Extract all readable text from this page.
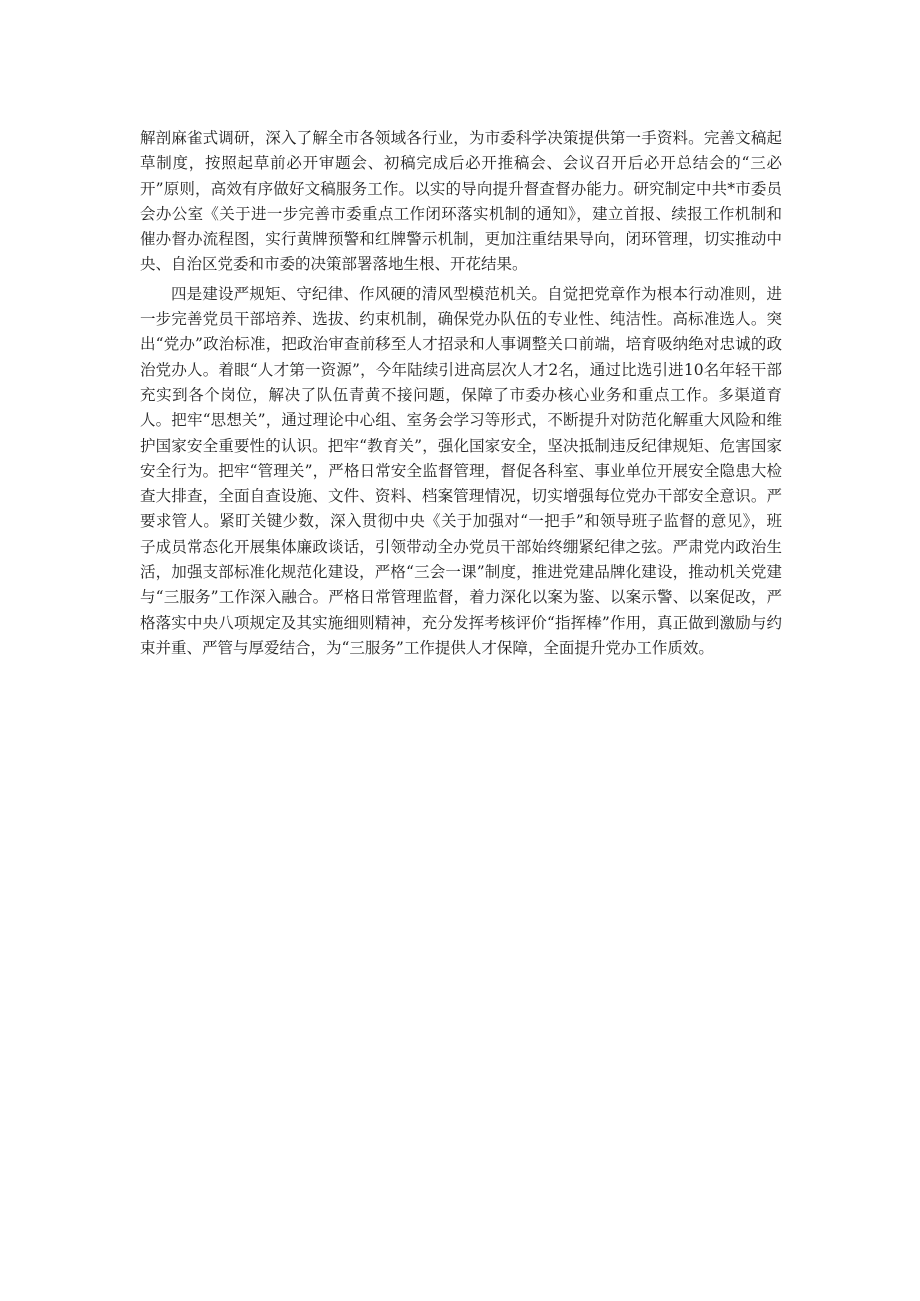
解剖麻雀式调研，深入了解全市各领域各行业，为市委科学决策提供第一手资料。完善文稿起草制度，按照起草前必开审题会、初稿完成后必开推稿会、会议召开后必开总结会的“三必开”原则，高效有序做好文稿服务工作。以实的导向提升督查督办能力。研究制定中共*市委员会办公室《关于进一步完善市委重点工作闭环落实机制的通知》，建立首报、续报工作机制和催办督办流程图，实行黄牌预警和红牌警示机制，更加注重结果导向，闭环管理，切实推动中央、自治区党委和市委的决策部署落地生根、开花结果。

四是建设严规矩、守纪律、作风硬的清风型模范机关。自觉把党章作为根本行动准则，进一步完善党员干部培养、选拔、约束机制，确保党办队伍的专业性、纯洁性。高标准选人。突出“党办”政治标准，把政治审查前移至人才招录和人事调整关口前端，培育吸纳绝对忠诚的政治党办人。着眼“人才第一资源”，今年陆续引进高层次人才2名，通过比选引进10名年轻干部充实到各个岗位，解决了队伍青黄不接问题，保障了市委办核心业务和重点工作。多渠道育人。把牢“思想关”，通过理论中心组、室务会学习等形式，不断提升对防范化解重大风险和维护国家安全重要性的认识。把牢“教育关”，强化国家安全，坚决抵制违反纪律规矩、危害国家安全行为。把牢“管理关”，严格日常安全监督管理，督促各科室、事业单位开展安全隐患大检查大排查，全面自查设施、文件、资料、档案管理情况，切实增强每位党办干部安全意识。严要求管人。紧盯关键少数，深入贯彻中央《关于加强对“一把手”和领导班子监督的意见》，班子成员常态化开展集体廉政谈话，引领带动全办党员干部始终绷紧纪律之弦。严肃党内政治生活，加强支部标准化规范化建设，严格“三会一课”制度，推进党建品牌化建设，推动机关党建与“三服务”工作深入融合。严格日常管理监督，着力深化以案为鉴、以案示警、以案促改，严格落实中央八项规定及其实施细则精神，充分发挥考核评价“指挥棒”作用，真正做到激励与约束并重、严管与厚爱结合，为“三服务”工作提供人才保障，全面提升党办工作质效。
